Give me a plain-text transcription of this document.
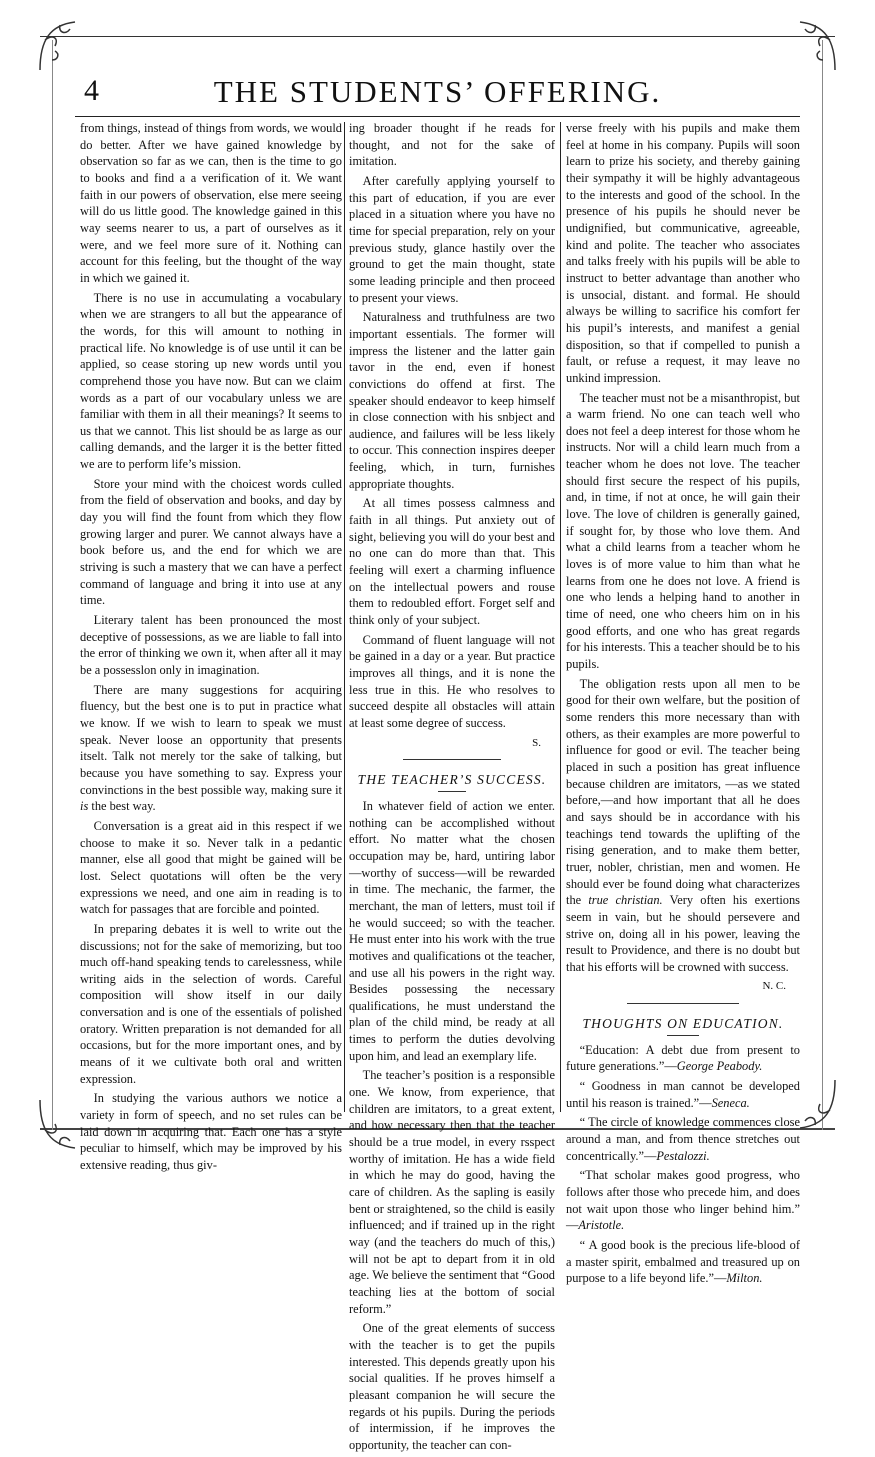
4	THE STUDENTS’ OFFERING.

from things, instead of things from words, we would do better. After we have gained knowledge by observation so far as we can, then is the time to go to books and find a a verification of it. We want faith in our powers of observation, else mere seeing will do us little good. The knowledge gained in this way seems nearer to us, a part of ourselves as it were, and we feel more sure of it. Nothing can account for this feeling, but the thought of the way in which we gained it.

There is no use in accumulating a vocabulary when we are strangers to all but the appearance of the words, for this will amount to nothing in practical life. No knowledge is of use until it can be applied, so cease storing up new words until you comprehend those you have now. But can we claim words as a part of our vocabulary unless we are familiar with them in all their meanings? It seems to us that we cannot. This list should be as large as our calling demands, and the larger it is the better fitted we are to perform life’s mission.

Store your mind with the choicest words culled from the field of observation and books, and day by day you will find the fount from which they flow growing larger and purer. We cannot always have a book before us, and the end for which we are striving is such a mastery that we can have a perfect command of language and bring it into use at any time.

Literary talent has been pronounced the most deceptive of possessions, as we are liable to fall into the error of thinking we own it, when after all it may be a possesslon only in imagination.

There are many suggestions for acquiring fluency, but the best one is to put in practice what we know. If we wish to learn to speak we must speak. Never loose an opportunity that presents itselt. Talk not merely tor the sake of talking, but because you have something to say. Express your convinctions in the best possible way, making sure it is the best way.

Conversation is a great aid in this respect if we choose to make it so. Never talk in a pedantic manner, else all good that might be gained will be lost. Select quotations will often be the very expressions we need, and one aim in reading is to watch for passages that are forcible and pointed.

In preparing debates it is well to write out the discussions; not for the sake of memorizing, but too much off-hand speaking tends to carelessness, while writing aids in the selection of words. Careful composition will show itself in our daily conversation and is one of the essentials of polished oratory. Written preparation is not demanded for all occasions, but for the more important ones, and by means of it we cultivate both oral and written expression.

In studying the various authors we notice a variety in form of speech, and no set rules can be laid down in acquiring that. Each one has a style peculiar to himself, which may be improved by his extensive reading, thus giv-

ing broader thought if he reads for thought, and not for the sake of imitation.

After carefully applying yourself to this part of education, if you are ever placed in a situation where you have no time for special preparation, rely on your previous study, glance hastily over the ground to get the main thought, state some leading principle and then proceed to present your views.

Naturalness and truthfulness are two important essentials. The former will impress the listener and the latter gain tavor in the end, even if honest convictions do offend at first. The speaker should endeavor to keep himself in close connection with his snbject and audience, and failures will be less likely to occur. This connection inspires deeper feeling, which, in turn, furnishes appropriate thoughts.

At all times possess calmness and faith in all things. Put anxiety out of sight, believing you will do your best and no one can do more than that. This feeling will exert a charming influence on the intellectual powers and rouse them to redoubled effort. Forget self and think only of your subject.

Command of fluent language will not be gained in a day or a year. But practice improves all things, and it is none the less true in this. He who resolves to succeed despite all obstacles will attain at least some degree of success.

S.

THE TEACHER’S SUCCESS.

In whatever field of action we enter. nothing can be accomplished without effort. No matter what the chosen occupation may be, hard, untiring labor—worthy of success—will be rewarded in time. The mechanic, the farmer, the merchant, the man of letters, must toil if he would succeed; so with the teacher. He must enter into his work with the true motives and qualifications ot the teacher, and use all his powers in the right way. Besides possessing the necessary qualifications, he must understand the plan of the child mind, be ready at all times to perform the duties devolving upon him, and lead an exemplary life.

The teacher’s position is a responsible one. We know, from experience, that children are imitators, to a great extent, and how necessary then that the teacher should be a true model, in every rsspect worthy of imitation. He has a wide field in which he may do good, having the care of children. As the sapling is easily bent or straightened, so the child is easily influenced; and if trained up in the right way (and the teachers do much of this,) will not be apt to depart from it in old age. We believe the sentiment that “Good teaching lies at the bottom of social reform.”

One of the great elements of success with the teacher is to get the pupils interested. This depends greatly upon his social qualities. If he proves himself a pleasant companion he will secure the regards ot his pupils. During the periods of intermission, if he improves the opportunity, the teacher can con-

verse freely with his pupils and make them feel at home in his company. Pupils will soon learn to prize his society, and thereby gaining their sympathy it will be highly advantageous to the interests and good of the school. In the presence of his pupils he should never be undignified, but communicative, agreeable, kind and polite. The teacher who associates and talks freely with his pupils will be able to instruct to better advantage than another who is unsocial, distant. and formal. He should always be willing to sacrifice his comfort fer his pupil’s interests, and manifest a genial disposition, so that if compelled to punish a fault, or refuse a request, it may leave no unkind impression.

The teacher must not be a misanthropist, but a warm friend. No one can teach well who does not feel a deep interest for those whom he instructs. Nor will a child learn much from a teacher whom he does not love. The teacher should first secure the respect of his pupils, and, in time, if not at once, he will gain their love. The love of children is generally gained, if sought for, by those who love them. And what a child learns from a teacher whom he loves is of more value to him than what he learns from one he does not love. A friend is one who lends a helping hand to another in time of need, one who cheers him on in his good efforts, and one who has great regards for his interests. This a teacher should be to his pupils.

The obligation rests upon all men to be good for their own welfare, but the position of some renders this more necessary than with others, as their examples are more powerful to influence for good or evil. The teacher being placed in such a position has great influence because children are imitators, —as we stated before,—and how important that all he does and says should be in accordance with his teachings tend towards the uplifting of the rising generation, and to make them better, truer, nobler, christian, men and women. He should ever be found doing what characterizes the true christian. Very often his exertions seem in vain, but he should persevere and strive on, doing all in his power, leaving the result to Providence, and there is no doubt but that his efforts will be crowned with success.

N. C.

THOUGHTS ON EDUCATION.

“Education: A debt due from present to future generations.”—George Peabody.

“ Goodness in man cannot be developed until his reason is trained.”—Seneca.

“ The circle of knowledge commences close around a man, and from thence stretches out concentrically.”—Pestalozzi.

“That scholar makes good progress, who follows after those who precede him, and does not wait upon those who linger behind him.” —Aristotle.

“ A good book is the precious life-blood of a master spirit, embalmed and treasured up on purpose to a life beyond life.”—Milton.
